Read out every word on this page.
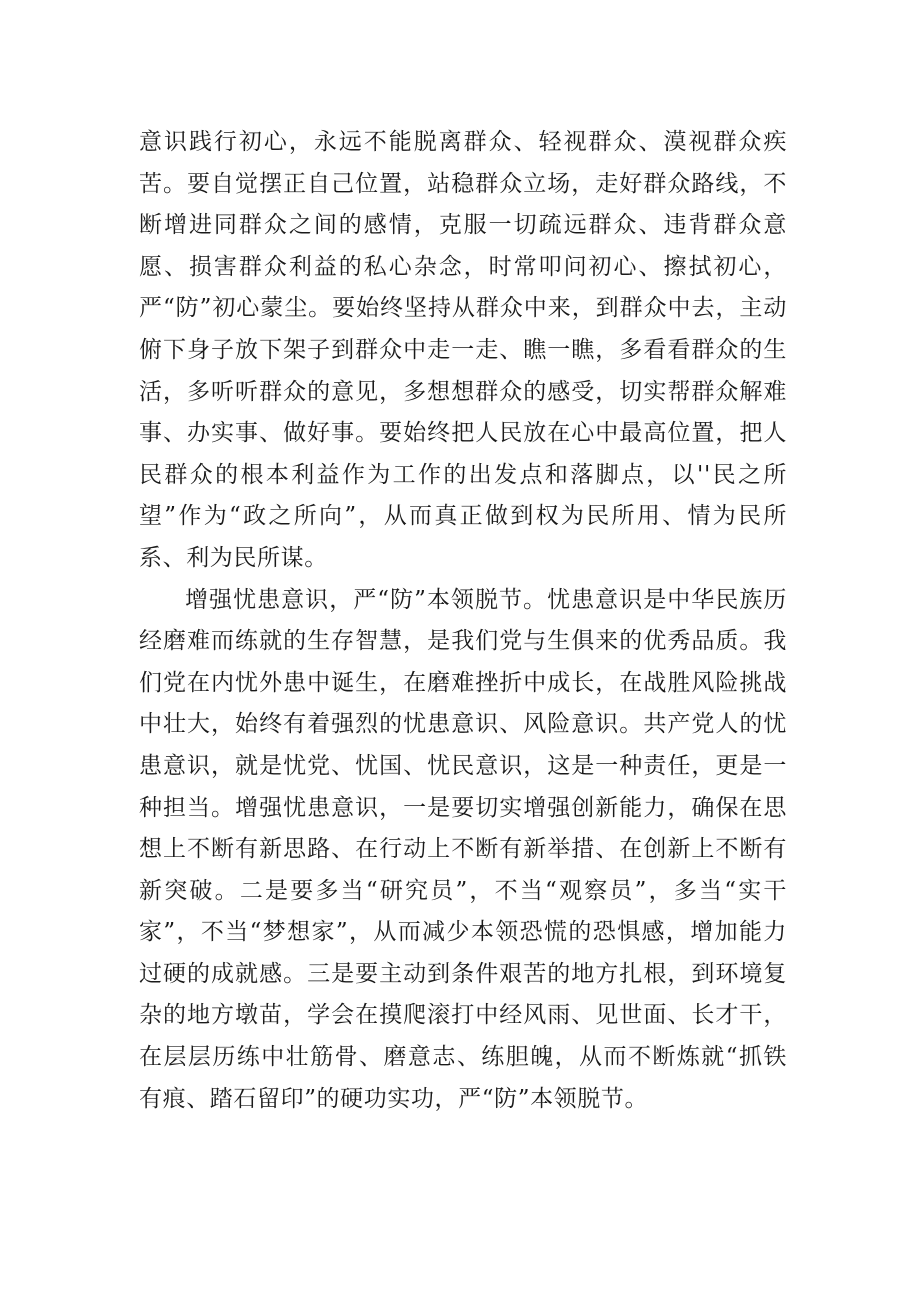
意识践行初心，永远不能脱离群众、轻视群众、漠视群众疾苦。要自觉摆正自己位置，站稳群众立场，走好群众路线，不断增进同群众之间的感情，克服一切疏远群众、违背群众意愿、损害群众利益的私心杂念，时常叩问初心、擦拭初心，严“防”初心蒙尘。要始终坚持从群众中来，到群众中去，主动俯下身子放下架子到群众中走一走、瞧一瞧，多看看群众的生活，多听听群众的意见，多想想群众的感受，切实帮群众解难事、办实事、做好事。要始终把人民放在心中最高位置，把人民群众的根本利益作为工作的出发点和落脚点，以''民之所望”作为“政之所向”，从而真正做到权为民所用、情为民所系、利为民所谋。

增强忧患意识，严“防”本领脱节。忧患意识是中华民族历经磨难而练就的生存智慧，是我们党与生俱来的优秀品质。我们党在内忧外患中诞生，在磨难挫折中成长，在战胜风险挑战中壮大，始终有着强烈的忧患意识、风险意识。共产党人的忧患意识，就是忧党、忧国、忧民意识，这是一种责任，更是一种担当。增强忧患意识，一是要切实增强创新能力，确保在思想上不断有新思路、在行动上不断有新举措、在创新上不断有新突破。二是要多当“研究员”，不当“观察员”，多当“实干家”，不当“梦想家”，从而减少本领恐慌的恐惧感，增加能力过硬的成就感。三是要主动到条件艰苦的地方扎根，到环境复杂的地方墩苗，学会在摸爬滚打中经风雨、见世面、长才干，在层层历练中壮筋骨、磨意志、练胆魄，从而不断炼就“抓铁有痕、踏石留印”的硬功实功，严“防”本领脱节。
